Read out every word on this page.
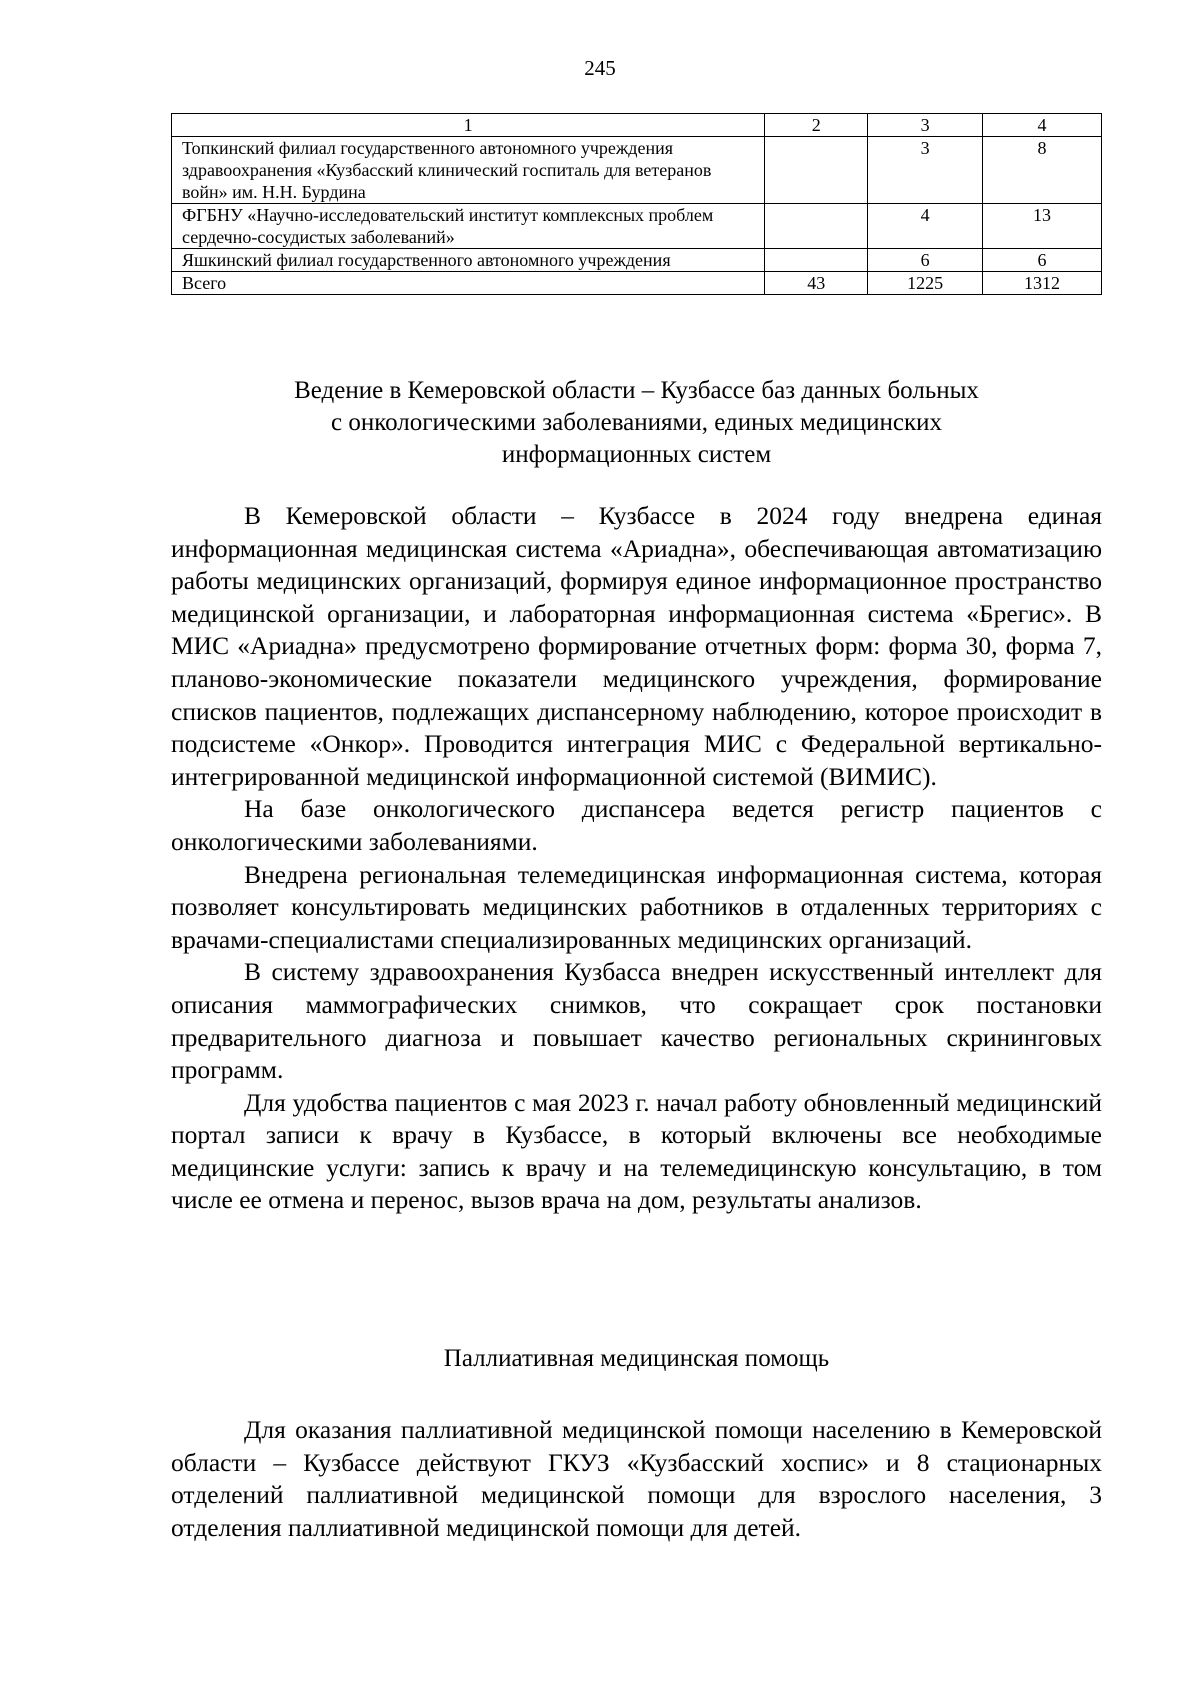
245
1	2	3	4
Топкинский филиал государственного автономного учреждения здравоохранения «Кузбасский клинический госпиталь для ветеранов войн» им. Н.Н. Бурдина		3	8
ФГБНУ «Научно-исследовательский институт комплексных проблем сердечно-сосудистых заболеваний»		4	13
Яшкинский филиал государственного автономного учреждения		6	6
Всего	43	1225	1312
Ведение в Кемеровской области – Кузбассе баз данных больных
с онкологическими заболеваниями, единых медицинских
информационных систем

В Кемеровской области – Кузбассе в 2024 году внедрена единая информационная медицинская система «Ариадна», обеспечивающая автоматизацию работы медицинских организаций, формируя единое информационное пространство медицинской организации, и лабораторная информационная система «Брегис». В МИС «Ариадна» предусмотрено формирование отчетных форм: форма 30, форма 7, планово-экономические показатели медицинского учреждения, формирование списков пациентов, подлежащих диспансерному наблюдению, которое происходит в подсистеме «Онкор». Проводится интеграция МИС с Федеральной вертикально-интегрированной медицинской информационной системой (ВИМИС).

На базе онкологического диспансера ведется регистр пациентов с онкологическими заболеваниями.

Внедрена региональная телемедицинская информационная система, которая позволяет консультировать медицинских работников в отдаленных территориях с врачами-специалистами специализированных медицинских организаций.

В систему здравоохранения Кузбасса внедрен искусственный интеллект для описания маммографических снимков, что сокращает срок постановки предварительного диагноза и повышает качество региональных скрининговых программ.

Для удобства пациентов с мая 2023 г. начал работу обновленный медицинский портал записи к врачу в Кузбассе, в который включены все необходимые медицинские услуги: запись к врачу и на телемедицинскую консультацию, в том числе ее отмена и перенос, вызов врача на дом, результаты анализов.

Паллиативная медицинская помощь

Для оказания паллиативной медицинской помощи населению в Кемеровской области – Кузбассе действуют ГКУЗ «Кузбасский хоспис» и 8 стационарных отделений паллиативной медицинской помощи для взрослого населения, 3 отделения паллиативной медицинской помощи для детей.
